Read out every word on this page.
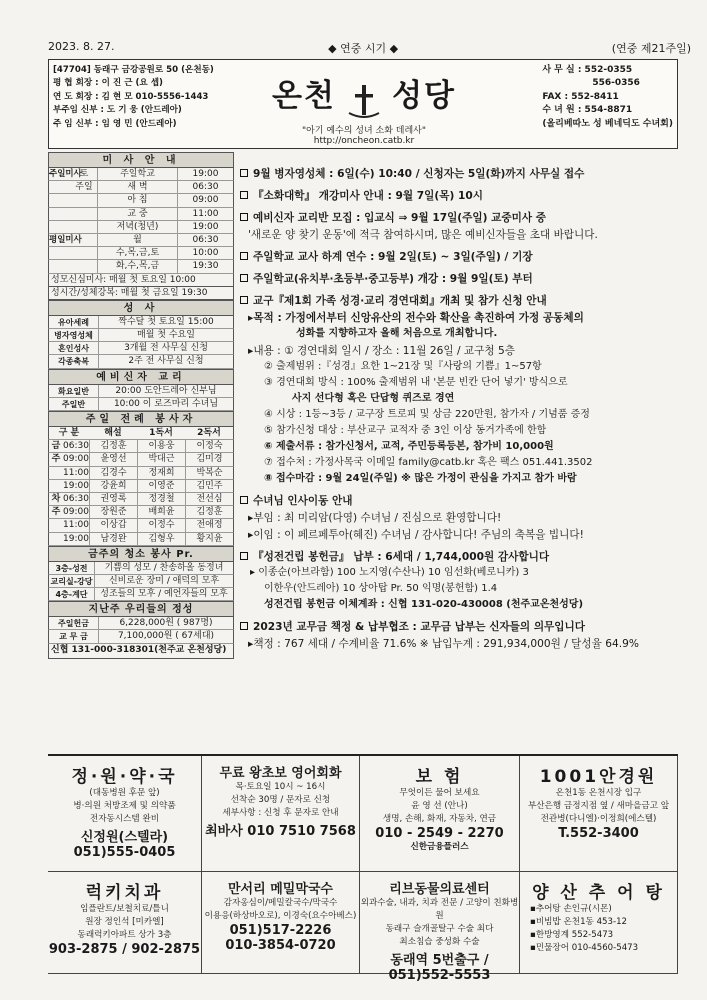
2023. 8. 27.	◆ 연중 시기 ◆	(연중 제21주일)
[47704] 동래구 금강공원로 50 (온천동)
평 협 회장 : 이 진 근 (요 셉)
연 도 회장 : 김 현 모 010-5556-1443
부주임 신부 : 도 기 웅 (안드레아)
주 임 신부 : 임 영 민 (안드레아)
온천 성당
"아기 예수의 성녀 소화 데레사"
http://oncheon.catb.kr
사 무 실 : 552-0355
556-0356
FAX : 552-8411
수 녀 원 : 554-8871
(올리베따노 성 베네딕도 수녀회)
미 사 안 내
주일미사
토	주일학교	19:00
주일	새 벽	06:30
아 침	09:00
교 중	11:00
저녁(청년)	19:00
평일미사	월	06:30
수,목,금,토	10:00
화,수,목,금	19:30
성모신심미사: 매월 첫 토요일 10:00
성시간/성체강복: 매월 첫 금요일 19:30
성 사
유아세례	짝수달 첫 토요일 15:00
병자영성체	매월 첫 수요일
혼인성사	3개월 전 사무실 신청
각종축복	2주 전 사무실 신청
예비신자 교리
화요일반	20:00 도안드레아 신부님
주일반	10:00 이 로즈마리 수녀님
주일 전례 봉사자
구 분	해설	1독서	2독서
금 06:30	김정훈	이용웅	이정숙
주 09:00	윤영선	박대근	김미경
11:00	김경수	정재희	박복순
19:00	강윤희	이영준	김민주
차 06:30	권영록	정경철	전선심
주 09:00	장원준	배희윤	김정훈
11:00	이상갑	이정수	전애정
19:00	남경완	김형우	황지윤
금주의 청소 봉사 Pr.
3층-성전	기쁨의 성모 / 찬송하올 동정녀
교리실-강당	신비로운 장미 / 애덕의 모후
4층-계단	성조들의 모후 / 예언자들의 모후
지난주 우리들의 정성
주일헌금	6,228,000원 ( 987명)
교 무 금	7,100,000원 ( 67세대)
신협 131-000-318301(천주교 온천성당)
9월 병자영성체 : 6일(수) 10:40 / 신청자는 5일(화)까지 사무실 접수
『소화대학』 개강미사 안내 : 9월 7일(목) 10시
예비신자 교리반 모집 : 입교식 ⇒ 9월 17일(주일) 교중미사 중
'새로운 양 찾기 운동'에 적극 참여하시며, 많은 예비신자들을 초대 바랍니다.
주일학교 교사 하계 연수 : 9월 2일(토) ~ 3일(주일) / 기장
주일학교(유치부·초등부·중고등부) 개강 : 9월 9일(토) 부터
교구『제1회 가족 성경·교리 경연대회』개최 및 참가 신청 안내
▸목적 : 가정에서부터 신앙유산의 전수와 확산을 촉진하여 가정 공동체의
성화를 지향하고자 올해 처음으로 개최합니다.
▸내용 : ① 경연대회 일시 / 장소 : 11월 26일 / 교구청 5층
② 출제범위 :『성경』요한 1~21장 및『사랑의 기쁨』1~57항
③ 경연대회 방식 : 100% 출제범위 내 '본문 빈칸 단어 넣기' 방식으로
사지 선다형 혹은 단답형 퀴즈로 경연
④ 시상 : 1등~3등 / 교구장 트로피 및 상금 220만원, 참가자 / 기념품 증정
⑤ 참가신청 대상 : 부산교구 교적자 중 3인 이상 동거가족에 한함
⑥ 제출서류 : 참가신청서, 교적, 주민등록등본, 참가비 10,000원
⑦ 접수처 : 가정사목국 이메일 family@catb.kr 혹은 팩스 051.441.3502
⑧ 접수마감 : 9월 24일(주일) ※ 많은 가정이 관심을 가지고 참가 바람
수녀님 인사이동 안내
▸부임 : 최 미리암(다영) 수녀님 / 진심으로 환영합니다!
▸이임 : 이 페르페투아(혜진) 수녀님 / 감사합니다! 주님의 축복을 빕니다!
『성전건립 봉헌금』 납부 : 6세대 / 1,744,000원 감사합니다
▸ 이종순(아브라함) 100 노지영(수산나) 10 임선화(베로니카) 3
이한우(안드레아) 10 상아탑 Pr. 50 익명(봉헌함) 1.4
성전건립 봉헌금 이체계좌 : 신협 131-020-430008 (천주교온천성당)
2023년 교무금 책정 & 납부협조 : 교무금 납부는 신자들의 의무입니다
▸책정 : 767 세대 / 수계비율 71.6% ※ 납입누계 : 291,934,000원 / 달성율 64.9%
정·원·약·국
(대동병원 후문 앞)
병·의원 처방조제 및 의약품
전자동시스템 완비
신정원(스텔라) 051)555-0405
무료 왕초보 영어회화
목·토요일 10시 ~ 16시
선착순 30명 / 문자로 신청
세부사항 : 신청 후 문자로 안내
최바사 010 7510 7568
보 험
무엇이든 물어 보세요
윤 영 선 (안나)
생명, 손해, 화재, 자동차, 연금
010 - 2549 - 2270
신한금융플러스
1001안경원
온천1동 온천시장 입구
부산은행 금정지점 옆 / 새마을금고 앞
전관병(다니엘)·이정희(에스텔)
T.552-3400
럭키치과
임플란트/보철치료/틀니
원장 정인석 [미카엘]
동래럭키아파트 상가 3층
903-2875 / 902-2875
만서리 메밀막국수
감자옹심이/메밀칼국수/막국수
이용응(하상바오로), 이경숙(요수아베스)
051)517-2226
010-3854-0720
리브동물의료센터
외과수술, 내과, 치과 전문 / 고양이 친화병원
동래구 슬개골탈구 수술 최다
최소침습 중성화 수술
동래역 5번출구 / 051)552-5553
양 산 추 어 탕
▪추어탕 손인규(시몬)
▪비빔밥 온천1동 453-12
▪한방영계 552-5473
▪민물장어 010-4560-5473
